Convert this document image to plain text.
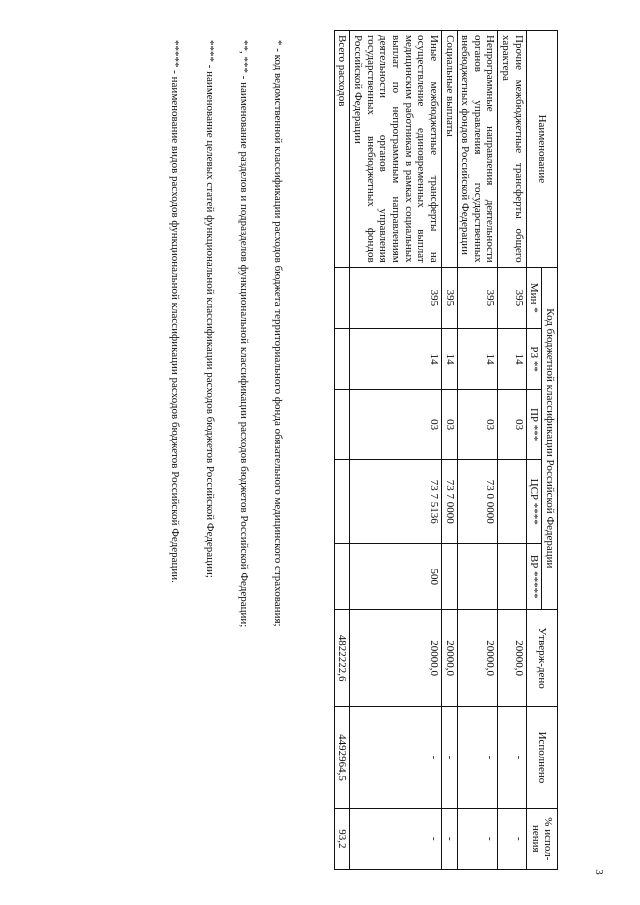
3
Наименование	Код бюджетной классификации Российской Федерации					Утверж-дено	Исполнено	% испол-нения
	Мин *	РЗ **	ПР ***	ЦСР ****	ВР *****			
Прочие межбюджетные трансферты общего характера	395	14	03			20000,0	-	-
Непрограммные направления деятельности органов управления государственных внебюджетных фондов Российской Федерации	395	14	03	73 0 0000		20000,0	-	-
Социальные выплаты	395	14	03	73 7 0000		20000,0	-	-
Иные межбюджетные трансферты на осуществление единовременных выплат медицинским работникам в рамках социальных выплат по непрограммным направлениям деятельности органов управления государственных внебюджетных фондов Российской Федерации	395	14	03	73 7 5136	500	20000,0	-	-
Всего расходов						4822222,6	4492964,5	93,2

* - код ведомственной классификации расходов бюджета территориального фонда обязательного медицинского страхования;

**, *** - наименование разделов и подразделов функциональной классификации расходов бюджетов Российской Федерации;

**** - наименование целевых статей функциональной классификации расходов бюджетов Российской Федерации;

***** - наименование видов расходов функциональной классификации расходов бюджетов Российской Федерации.
